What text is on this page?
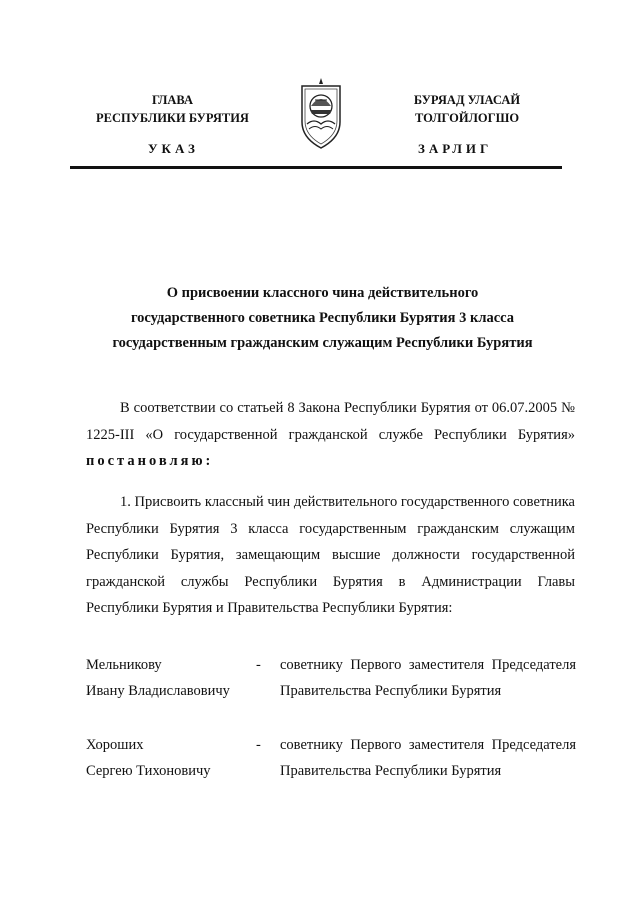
ГЛАВА
РЕСПУБЛИКИ БУРЯТИЯ
БУРЯАД УЛАСАЙ
ТОЛГОЙЛОГШО
УКАЗ	ЗАРЛИГ
О присвоении классного чина действительного
государственного советника Республики Бурятия 3 класса
государственным гражданским служащим Республики Бурятия
В соответствии со статьей 8 Закона Республики Бурятия от 06.07.2005 № 1225-III «О государственной гражданской службе Республики Бурятия» постановляю:
1. Присвоить классный чин действительного государственного советника Республики Бурятия 3 класса государственным гражданским служащим Республики Бурятия, замещающим высшие должности государственной гражданской службы Республики Бурятия в Администрации Главы Республики Бурятия и Правительства Республики Бурятия:
Мельникову
Ивану Владиславовичу
- советнику Первого заместителя Председателя Правительства Республики Бурятия
Хороших
Сергею Тихоновичу
- советнику Первого заместителя Председателя Правительства Республики Бурятия
